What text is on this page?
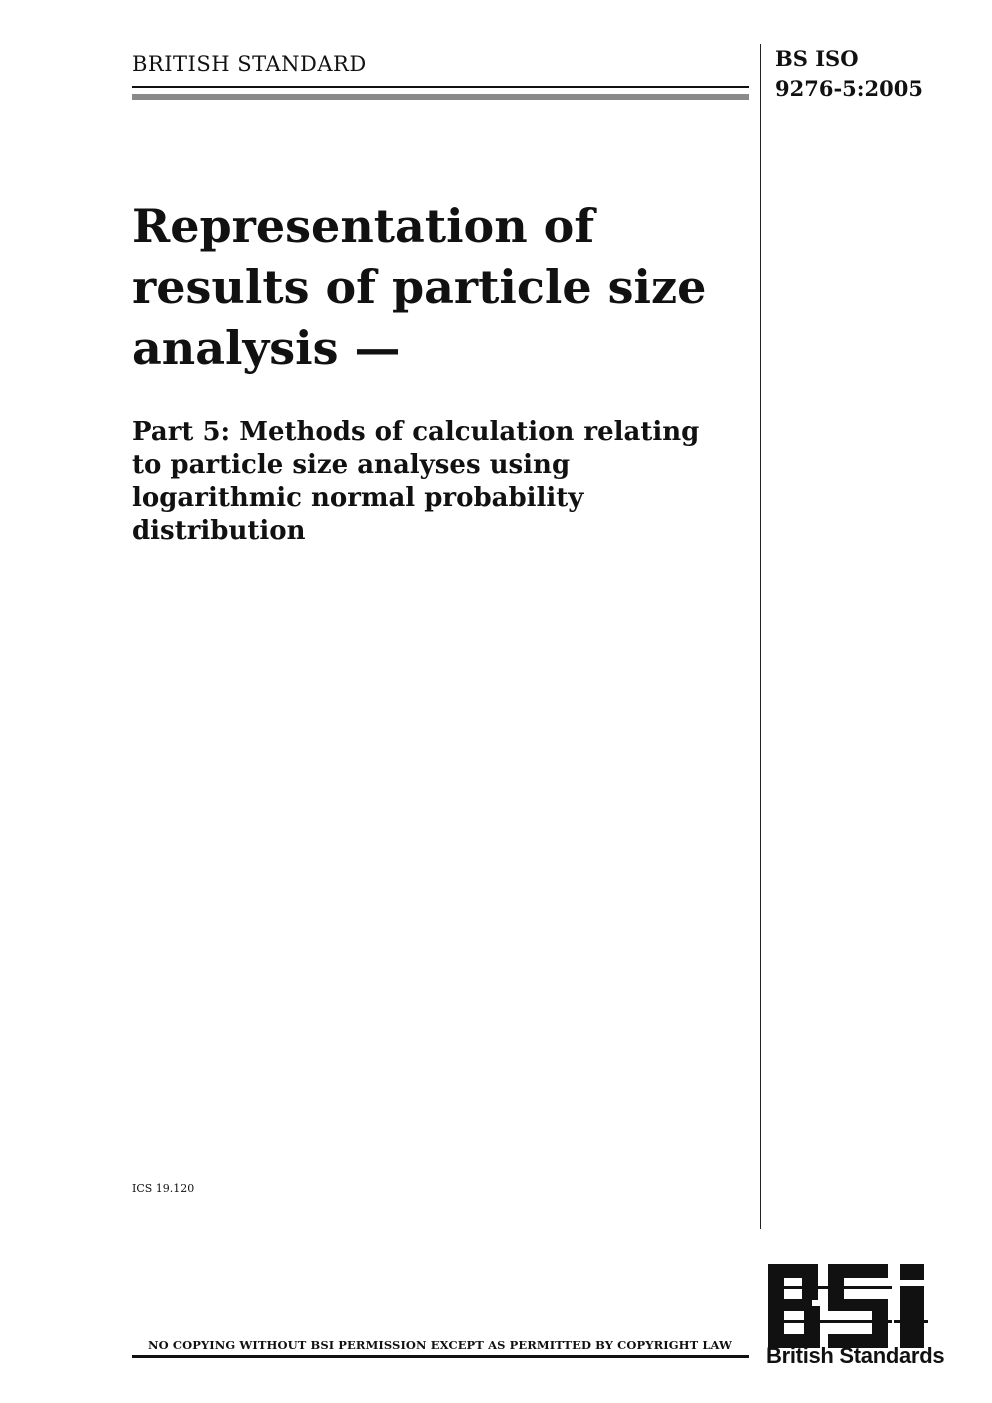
BRITISH STANDARD	BS ISO
9276-5:2005
Representation of
results of particle size
analysis —
Part 5: Methods of calculation relating
to particle size analyses using
logarithmic normal probability
distribution
ICS 19.120
NO COPYING WITHOUT BSI PERMISSION EXCEPT AS PERMITTED BY COPYRIGHT LAW British Standards
